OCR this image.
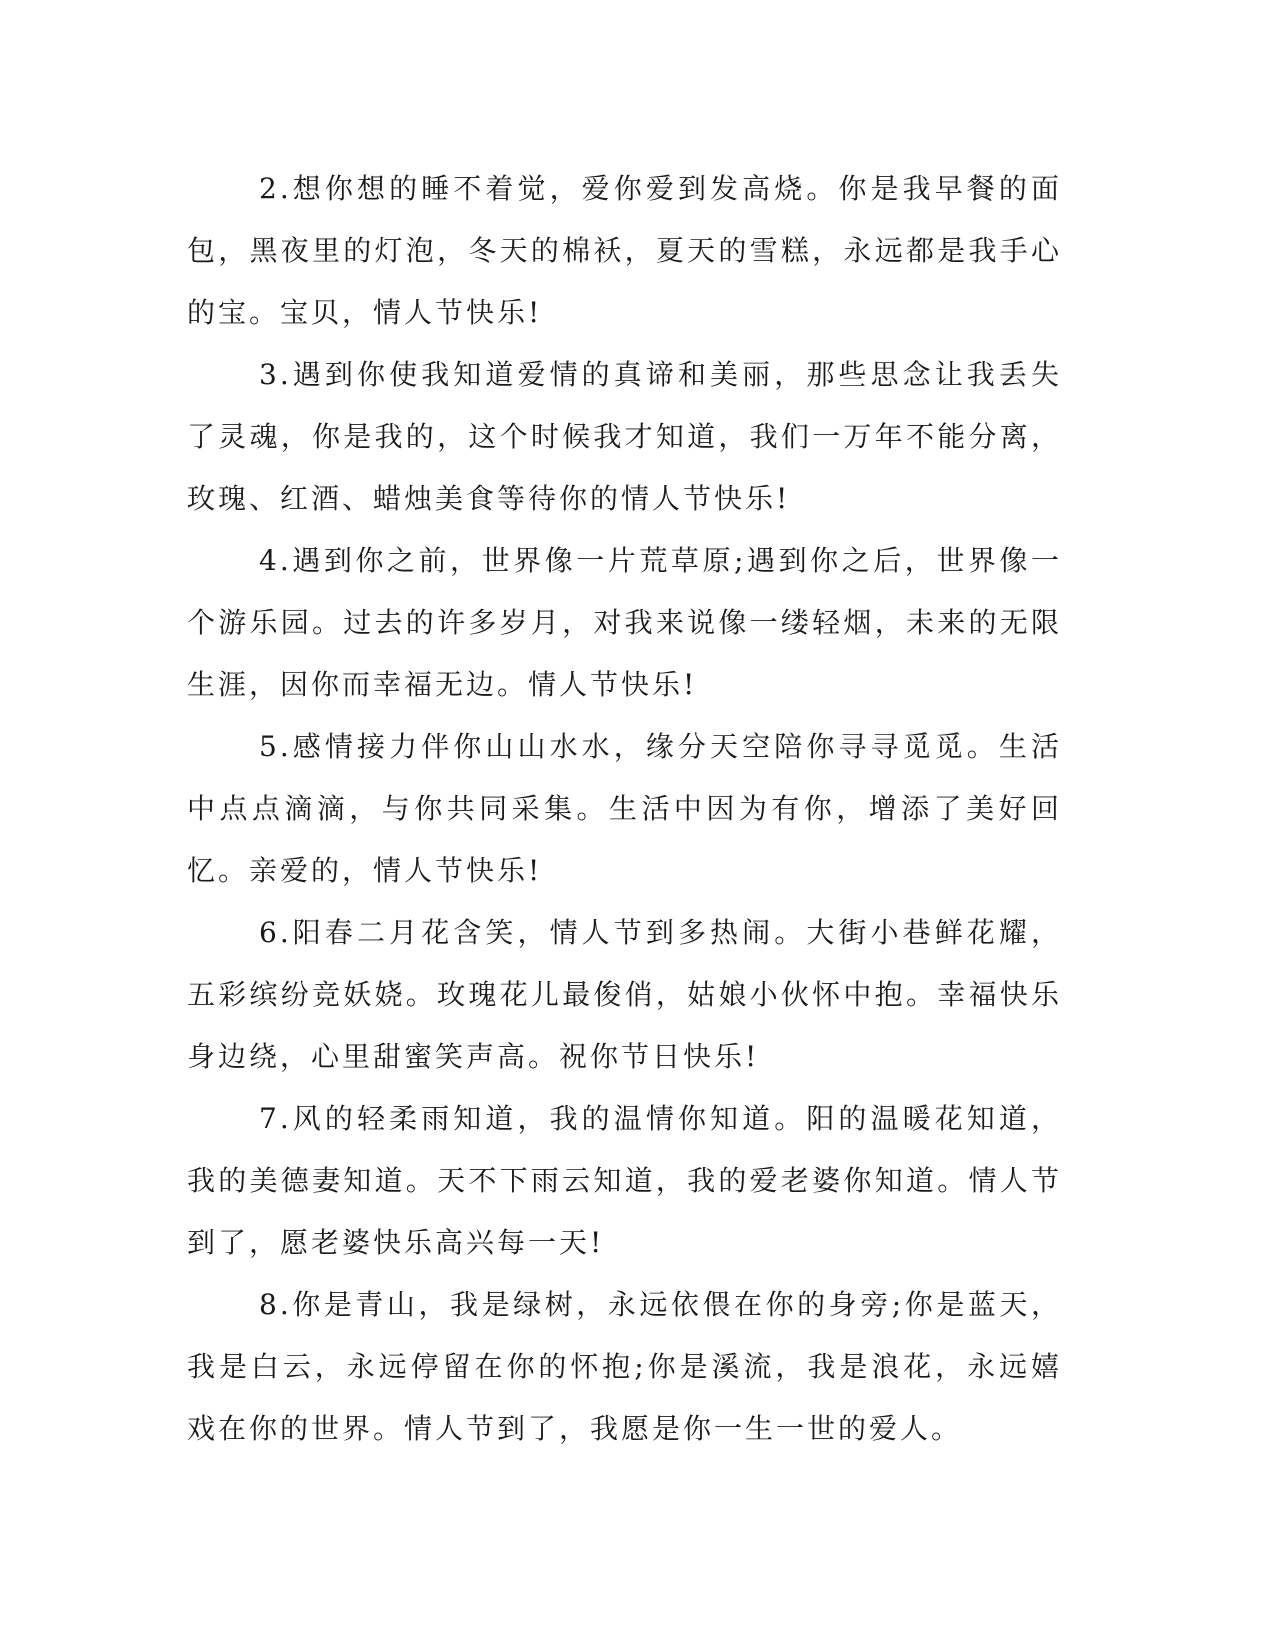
2.想你想的睡不着觉，爱你爱到发高烧。你是我早餐的面包，黑夜里的灯泡，冬天的棉袄，夏天的雪糕，永远都是我手心的宝。宝贝，情人节快乐!

3.遇到你使我知道爱情的真谛和美丽，那些思念让我丢失了灵魂，你是我的，这个时候我才知道，我们一万年不能分离，玫瑰、红酒、蜡烛美食等待你的情人节快乐!

4.遇到你之前，世界像一片荒草原;遇到你之后，世界像一个游乐园。过去的许多岁月，对我来说像一缕轻烟，未来的无限生涯，因你而幸福无边。情人节快乐!

5.感情接力伴你山山水水，缘分天空陪你寻寻觅觅。生活中点点滴滴，与你共同采集。生活中因为有你，增添了美好回忆。亲爱的，情人节快乐!

6.阳春二月花含笑，情人节到多热闹。大街小巷鲜花耀，五彩缤纷竞妖娆。玫瑰花儿最俊俏，姑娘小伙怀中抱。幸福快乐身边绕，心里甜蜜笑声高。祝你节日快乐!

7.风的轻柔雨知道，我的温情你知道。阳的温暖花知道，我的美德妻知道。天不下雨云知道，我的爱老婆你知道。情人节到了，愿老婆快乐高兴每一天!

8.你是青山，我是绿树，永远依偎在你的身旁;你是蓝天，我是白云，永远停留在你的怀抱;你是溪流，我是浪花，永远嬉戏在你的世界。情人节到了，我愿是你一生一世的爱人。
